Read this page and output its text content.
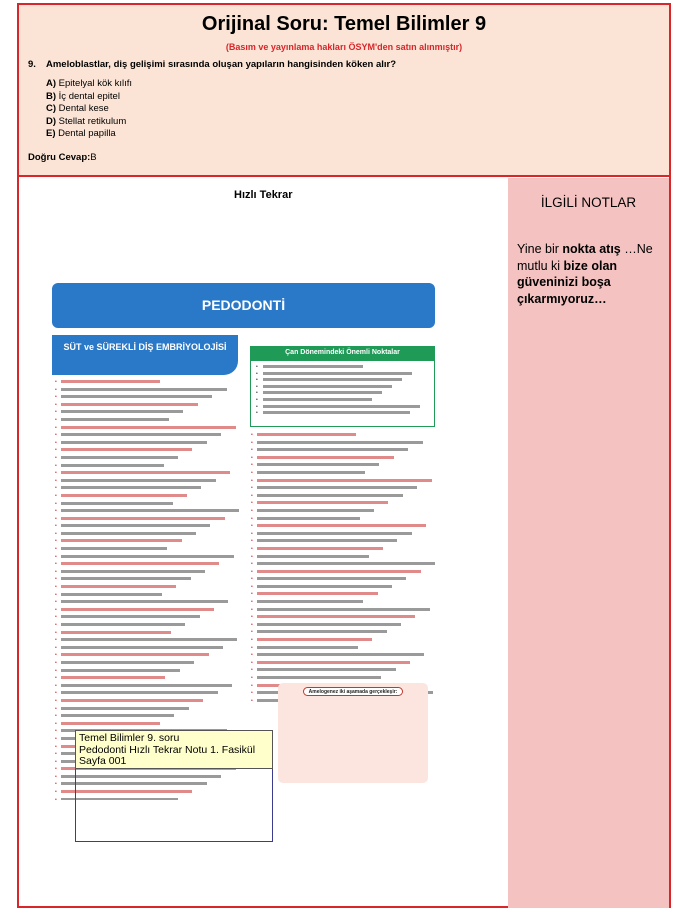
Orijinal Soru: Temel Bilimler 9
(Basım ve yayınlama hakları ÖSYM'den satın alınmıştır)
9. Ameloblastlar, diş gelişimi sırasında oluşan yapıların hangisinden köken alır?
A) Epitelyal kök kılıfı
B) İç dental epitel
C) Dental kese
D) Stellat retikulum
E) Dental papilla
Doğru Cevap:B
Hızlı Tekrar	İLGİLİ NOTLAR
Yine bir nokta atış …Ne mutlu ki bize olan güveninizi boşa çıkarmıyoruz…
PEDODONTİ
SÜT ve SÜREKLİ DİŞ EMBRİYOLOJİSİ
Çan Dönemindeki Önemli Noktalar
•
•
•
•
•
•
•
•
•
•
•
•
•
•
•
•
•
•
•
•
•
•
•
•
•
•
•
•
•
•
•
•
•
•
•
•
•
•
•
•
•
•
•
•
•
•
•
•
•
•
•
•
•
•
•
•
•
•
•
•
•
•
•
•
•
•
•
•
•
•
•
•
•
•
•
•
•
•
•
•
•
•
•
•
•
•
•
•
•
•
•
•
•
•
•
•
•
•
•
•
Amelogenez iki aşamada gerçekleşir:
Temel Bilimler 9. soru
Pedodonti Hızlı Tekrar Notu 1. Fasikül
Sayfa 001
